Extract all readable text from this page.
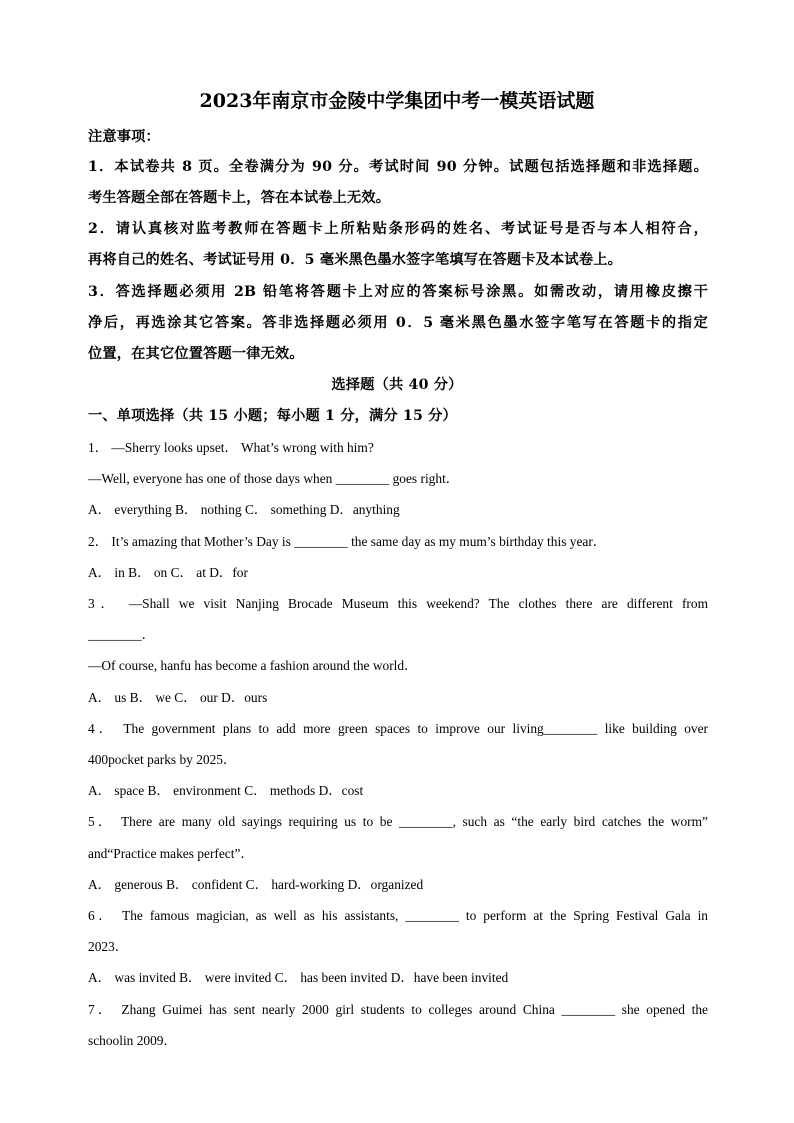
2023年南京市金陵中学集团中考一模英语试题
注意事项：
1．本试卷共 8 页。全卷满分为 90 分。考试时间 90 分钟。试题包括选择题和非选择题。
考生答题全部在答题卡上，答在本试卷上无效。
2．请认真核对监考教师在答题卡上所粘贴条形码的姓名、考试证号是否与本人相符合，
再将自己的姓名、考试证号用 0．5 毫米黑色墨水签字笔填写在答题卡及本试卷上。
3．答选择题必须用 2B 铅笔将答题卡上对应的答案标号涂黑。如需改动，请用橡皮擦干
净后，再选涂其它答案。答非选择题必须用 0．5 毫米黑色墨水签字笔写在答题卡的指定
位置，在其它位置答题一律无效。
选择题（共 40 分）
一、单项选择（共 15 小题；每小题 1 分，满分 15 分）
1． —Sherry looks upset． What’s wrong with him?
—Well, everyone has one of those days when ________ goes right．
A． everything B． nothing C． something D．anything
2． It’s amazing that Mother’s Day is ________ the same day as my mum’s birthday this year．
A． in B． on C． at D．for
3． —Shall we visit Nanjing Brocade Museum this weekend? The clothes there are different from
________．
—Of course, hanfu has become a fashion around the world．
A． us B． we C． our D．ours
4． The government plans to add more green spaces to improve our living________ like building over
400pocket parks by 2025．
A． space B． environment C． methods D．cost
5． There are many old sayings requiring us to be ________, such as “the early bird catches the worm”
and“Practice makes perfect”．
A． generous B． confident C． hard-working D．organized
6． The famous magician, as well as his assistants, ________ to perform at the Spring Festival Gala in
2023．
A． was invited B． were invited C． has been invited D．have been invited
7． Zhang Guimei has sent nearly 2000 girl students to colleges around China ________ she opened the
schoolin 2009．
